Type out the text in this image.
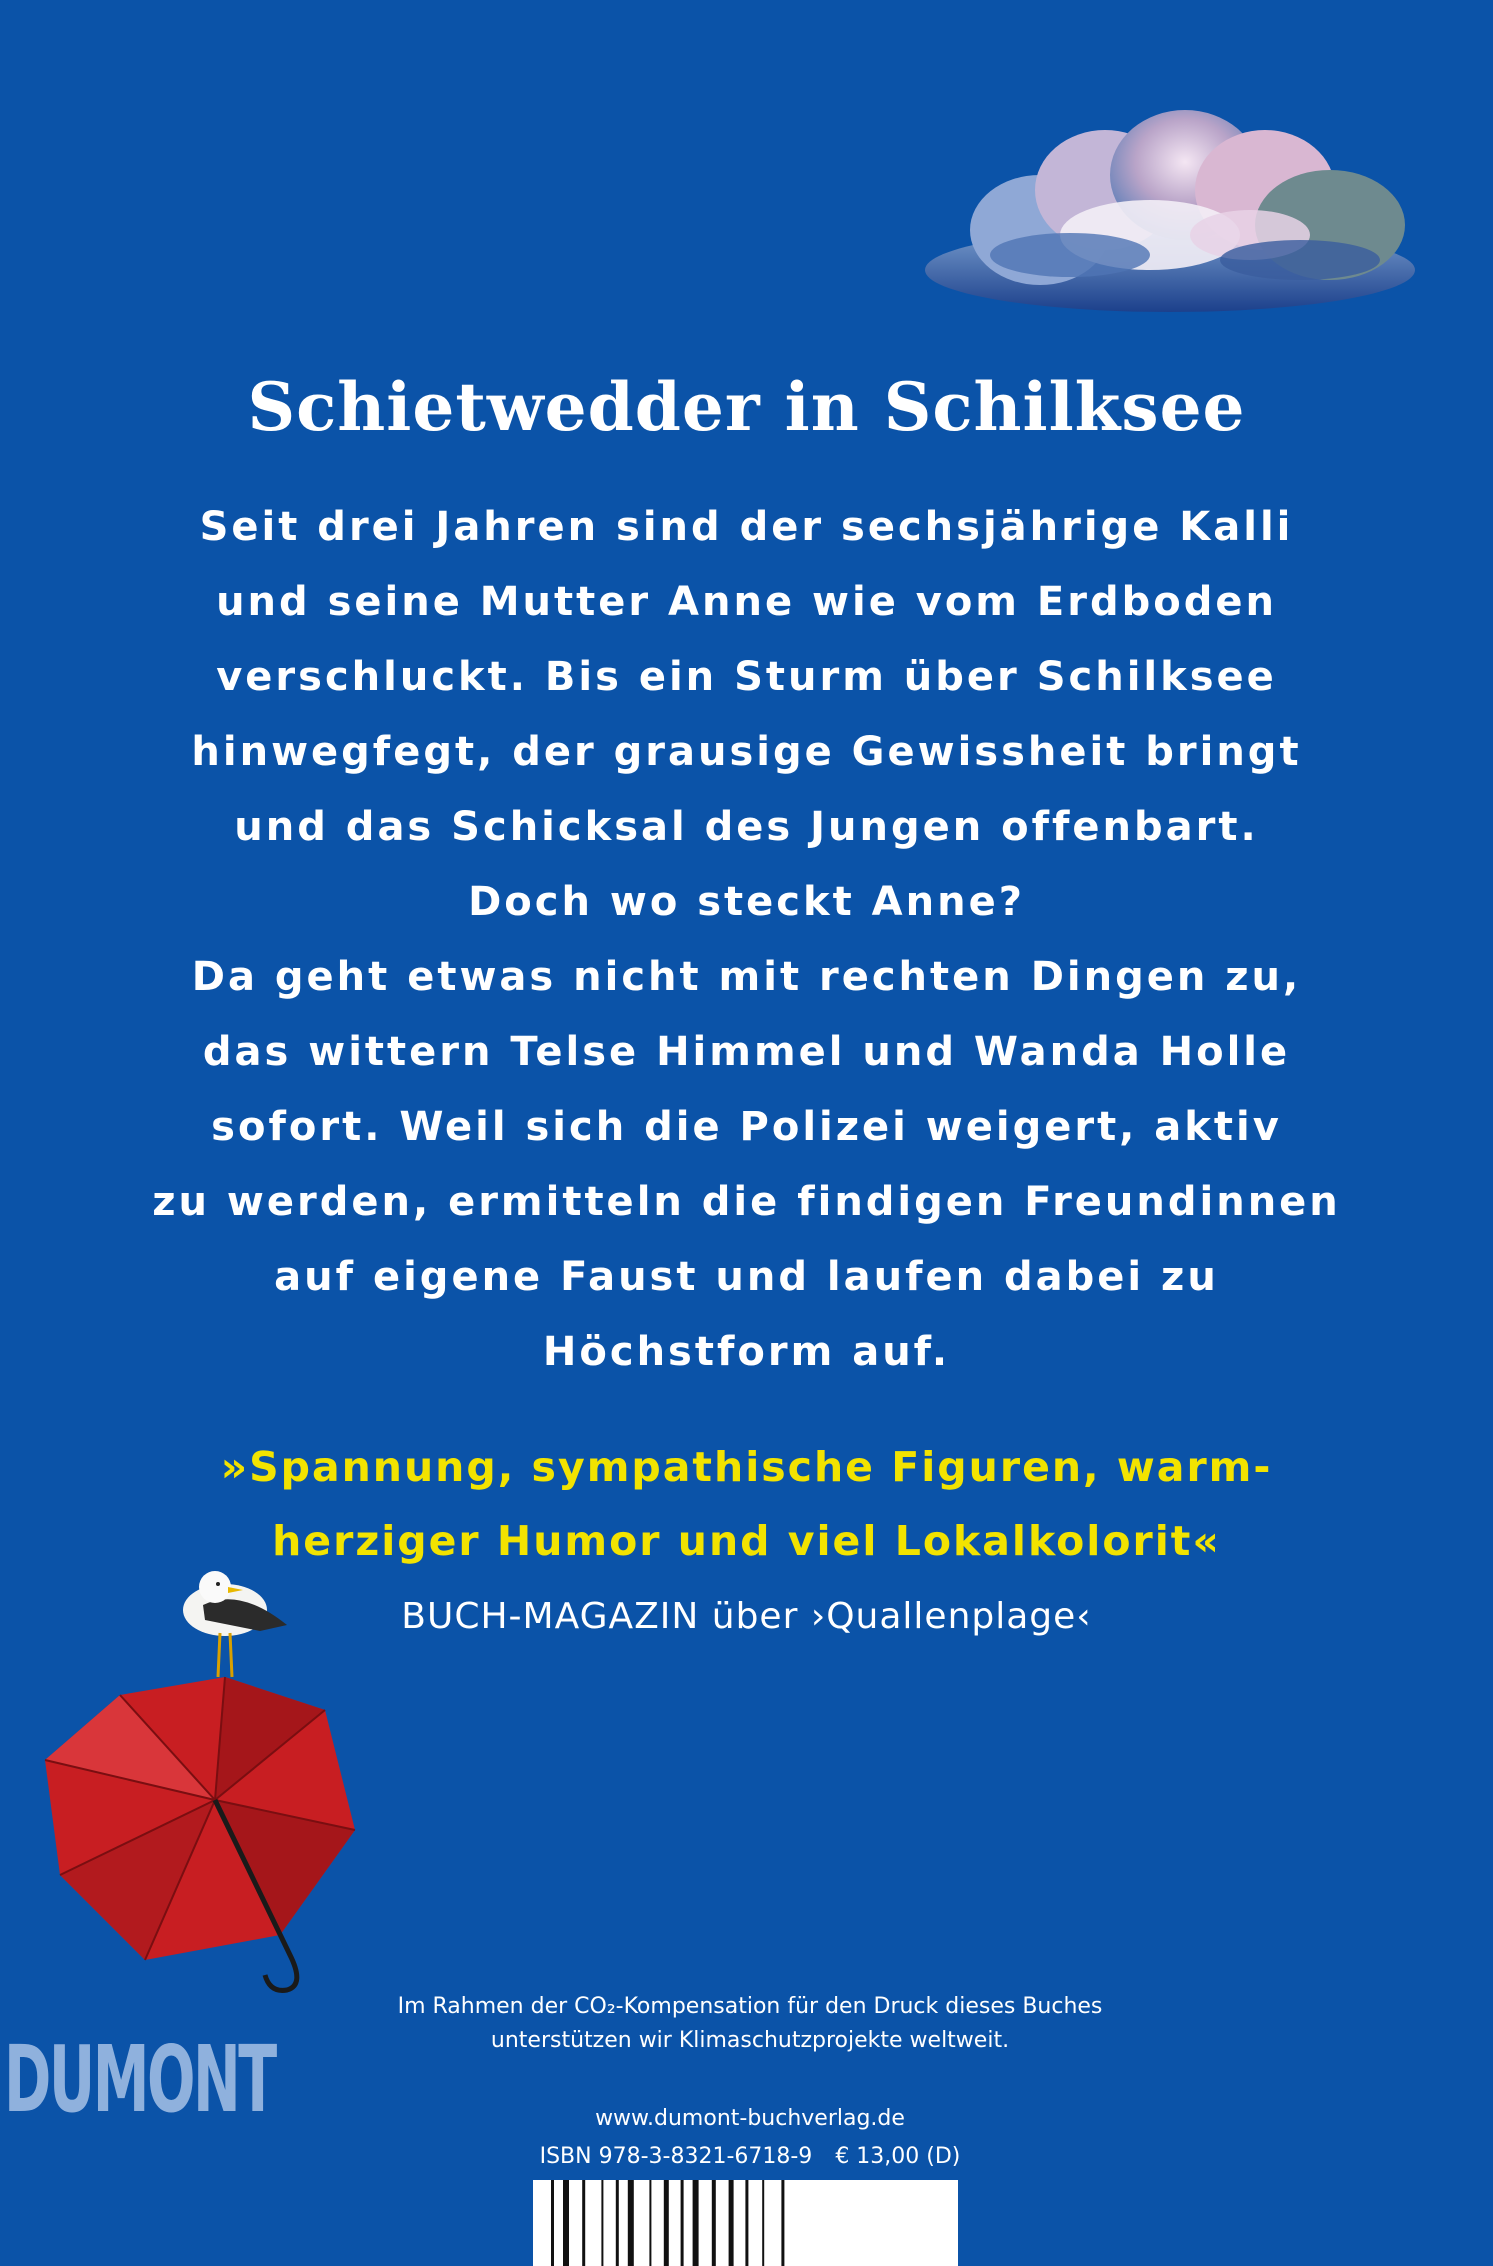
Schietwedder in Schilksee
Seit drei Jahren sind der sechsjährige Kalli
und seine Mutter Anne wie vom Erdboden
verschluckt. Bis ein Sturm über Schilksee
hinwegfegt, der grausige Gewissheit bringt
und das Schicksal des Jungen offenbart.
Doch wo steckt Anne?
Da geht etwas nicht mit rechten Dingen zu,
das wittern Telse Himmel und Wanda Holle
sofort. Weil sich die Polizei weigert, aktiv
zu werden, ermitteln die findigen Freundinnen
auf eigene Faust und laufen dabei zu
Höchstform auf.
»Spannung, sympathische Figuren, warm-
herziger Humor und viel Lokalkolorit«
BUCH-MAGAZIN über ›Quallenplage‹
DUMONT
Im Rahmen der CO₂-Kompensation für den Druck dieses Buches
unterstützen wir Klimaschutzprojekte weltweit.
www.dumont-buchverlag.de
ISBN 978-3-8321-6718-9 € 13,00 (D)
